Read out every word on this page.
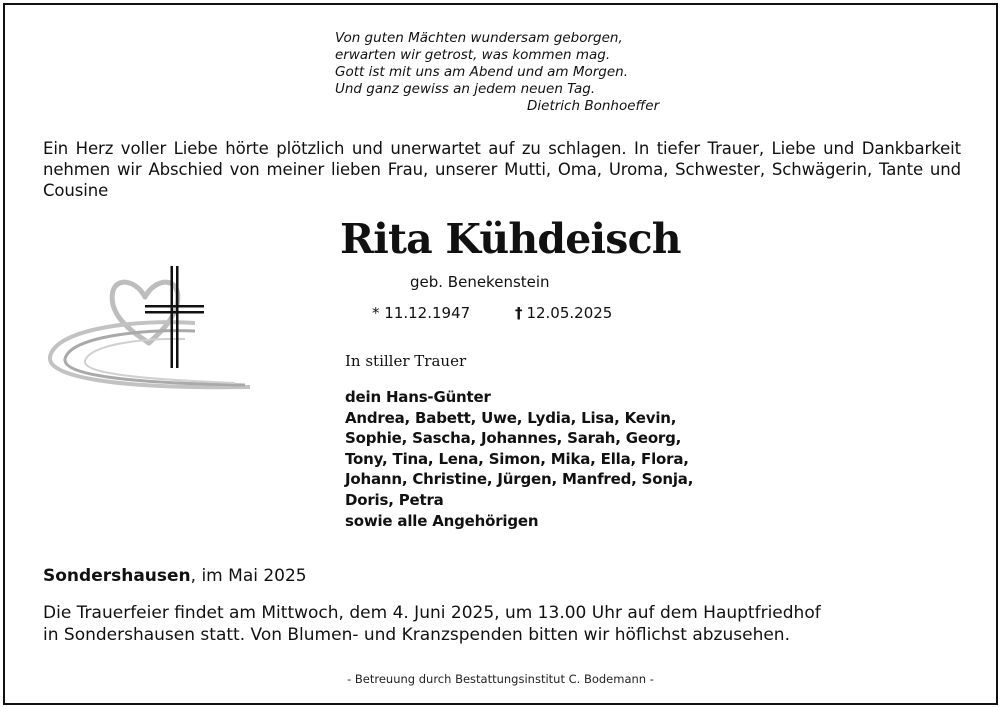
Von guten Mächten wundersam geborgen,
erwarten wir getrost, was kommen mag.
Gott ist mit uns am Abend und am Morgen.
Und ganz gewiss an jedem neuen Tag.
Dietrich Bonhoeffer
Ein Herz voller Liebe hörte plötzlich und unerwartet auf zu schlagen. In tiefer Trauer, Liebe und Dankbarkeit nehmen wir Abschied von meiner lieben Frau, unserer Mutti, Oma, Uroma, Schwester, Schwägerin, Tante und Cousine
Rita Kühdeisch
geb. Benekenstein
* 11.12.1947	† 12.05.2025
In stiller Trauer
dein Hans-Günter
Andrea, Babett, Uwe, Lydia, Lisa, Kevin,
Sophie, Sascha, Johannes, Sarah, Georg,
Tony, Tina, Lena, Simon, Mika, Ella, Flora,
Johann, Christine, Jürgen, Manfred, Sonja,
Doris, Petra
sowie alle Angehörigen
Sondershausen, im Mai 2025
Die Trauerfeier findet am Mittwoch, dem 4. Juni 2025, um 13.00 Uhr auf dem Hauptfriedhof
in Sondershausen statt. Von Blumen- und Kranzspenden bitten wir höflichst abzusehen.
- Betreuung durch Bestattungsinstitut C. Bodemann -
